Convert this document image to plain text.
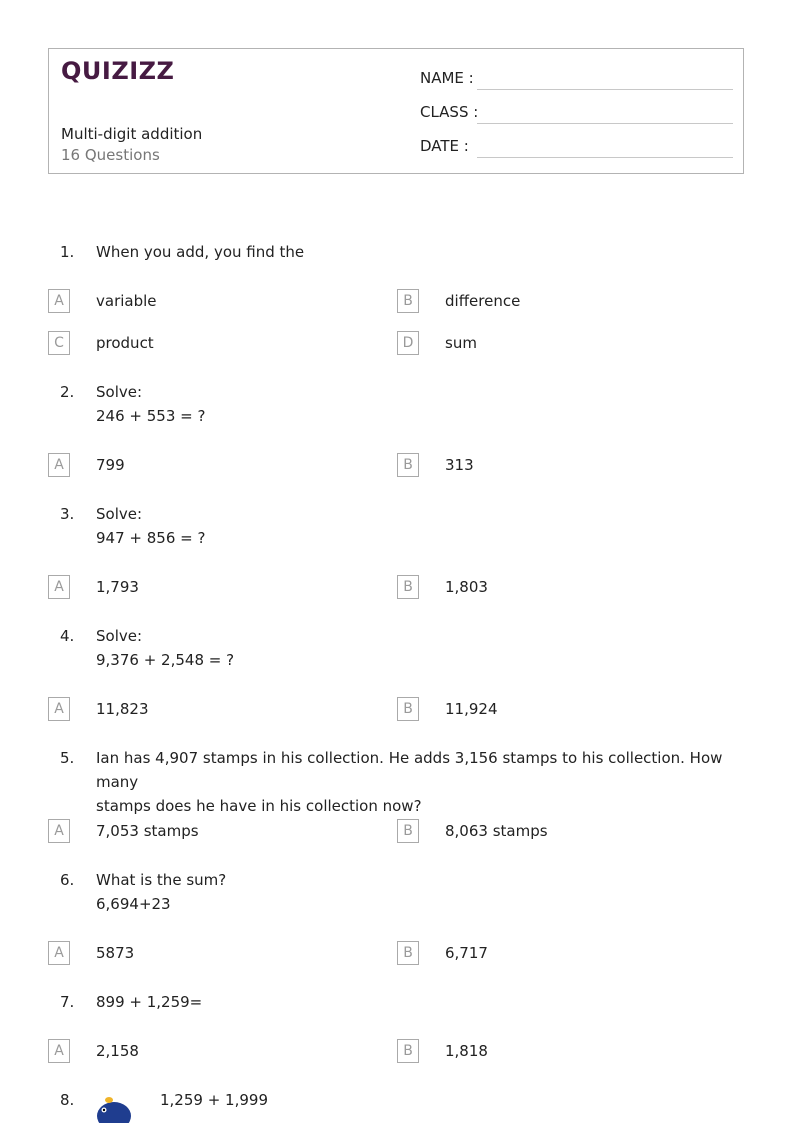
QUIZIZZ
Multi-digit addition
16 Questions
NAME :
CLASS :
DATE :
1. When you add, you find the
A	variable	B	difference
C	product	D	sum
2. Solve:
246 + 553 = ?
A	799	B	313
3. Solve:
947 + 856 = ?
A	1,793	B	1,803
4. Solve:
9,376 + 2,548 = ?
A	11,823	B	11,924
5. Ian has 4,907 stamps in his collection. He adds 3,156 stamps to his collection. How many
stamps does he have in his collection now?
A	7,053 stamps	B	8,063 stamps
6. What is the sum?
6,694+23
A	5873	B	6,717
7. 899 + 1,259=
A	2,158	B	1,818
8.	1,259 + 1,999
